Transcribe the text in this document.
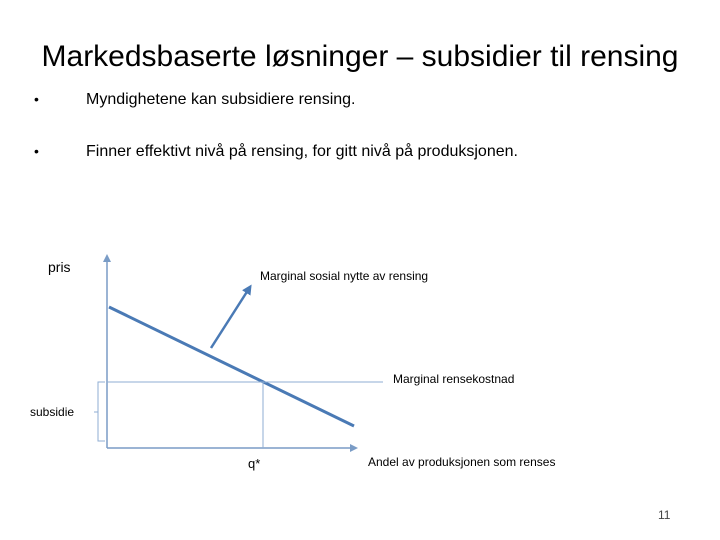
Markedsbaserte løsninger – subsidier til rensing
•	Myndighetene kan subsidiere rensing.
•	Finner effektivt nivå på rensing, for gitt nivå på produksjonen.
pris
Marginal sosial nytte av rensing
Marginal rensekostnad
subsidie
q*	Andel av produksjonen som renses
11
